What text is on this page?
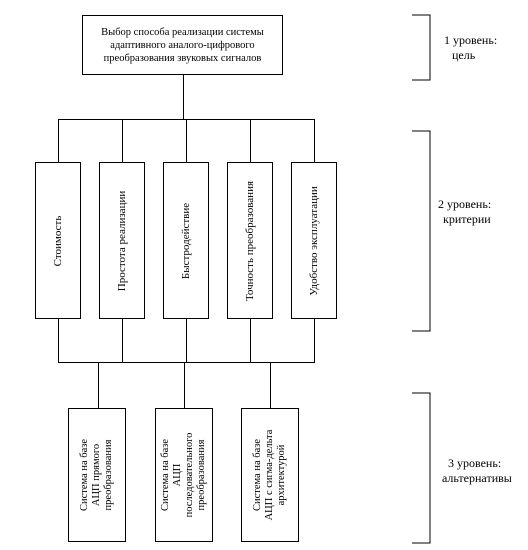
Выбор способа реализации системы
адаптивного аналого-цифрового
преобразования звуковых сигналов
Стоимость	Простота реализации	Быстродействие	Точность преобразования	Удобство эксплуатации
Система на базе АЦП прямого преобразования	Система на базе АЦП последовательного преобразования	Система на базе АЦП с сигма-дельта архитектурой
1 уровень:
цель
2 уровень:
критерии
3 уровень:
альтернативы
